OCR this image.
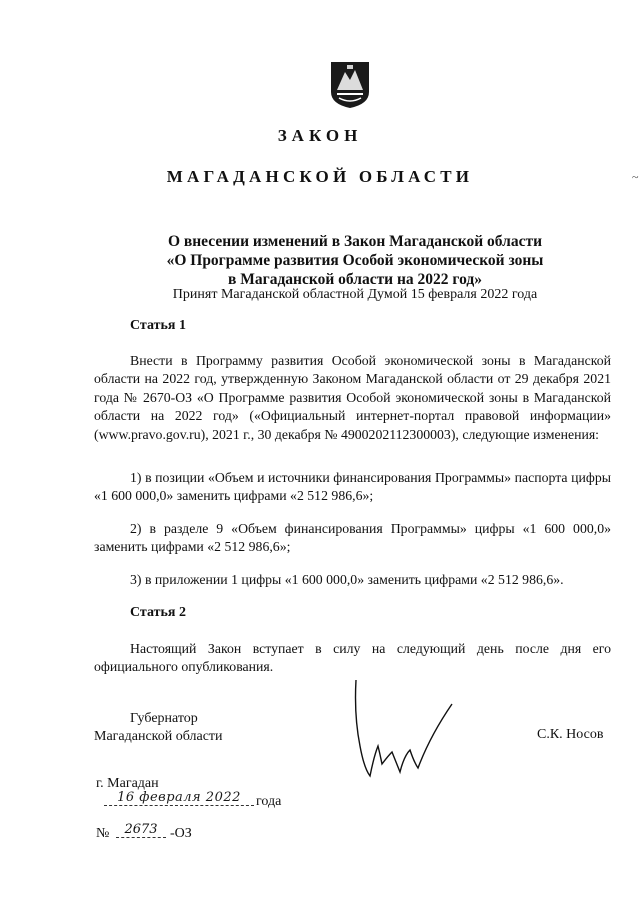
ЗАКОН
МАГАДАНСКОЙ ОБЛАСТИ
О внесении изменений в Закон Магаданской области
«О Программе развития Особой экономической зоны
в Магаданской области на 2022 год»
Принят Магаданской областной Думой 15 февраля 2022 года
Статья 1
Внести в Программу развития Особой экономической зоны в Магаданской области на 2022 год, утвержденную Законом Магаданской области от 29 декабря 2021 года № 2670-ОЗ «О Программе развития Особой экономической зоны в Магаданской области на 2022 год» («Официальный интернет-портал правовой информации» (www.pravo.gov.ru), 2021 г., 30 декабря № 4900202112300003), следующие изменения:
1) в позиции «Объем и источники финансирования Программы» паспорта цифры «1 600 000,0» заменить цифрами «2 512 986,6»;
2) в разделе 9 «Объем финансирования Программы» цифры «1 600 000,0» заменить цифрами «2 512 986,6»;
3) в приложении 1 цифры «1 600 000,0» заменить цифрами «2 512 986,6».
Статья 2
Настоящий Закон вступает в силу на следующий день после дня его официального опубликования.
Губернатор
Магаданской области	С.К. Носов
г. Магадан
16 февраля 2022	года
№	2673 -ОЗ
~
